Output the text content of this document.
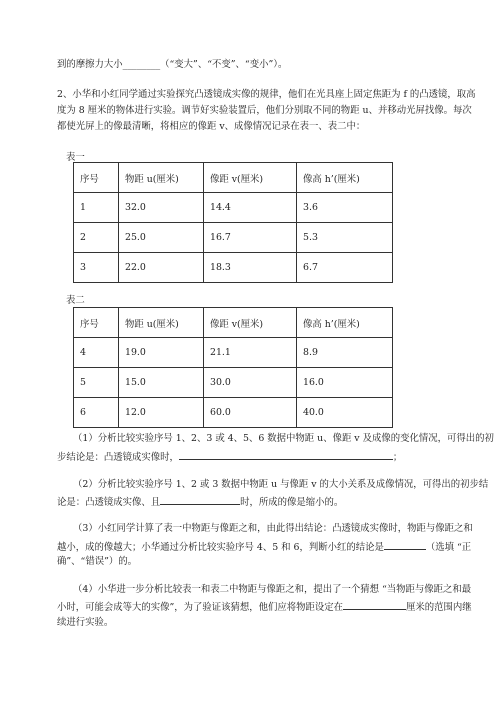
到的摩擦力大小________（“变大”、“不变”、“变小”）。
2、小华和小红同学通过实验探究凸透镜成实像的规律，他们在光具座上固定焦距为 f 的凸透镜，取高
度为 8 厘米的物体进行实验。调节好实验装置后，他们分别取不同的物距 u、并移动光屏找像。每次
都使光屏上的像最清晰，将相应的像距 v、成像情况记录在表一、表二中：
表一
序号	物距 u(厘米)	像距 v(厘米)	像高 h’(厘米)
1	32.0	14.4	3.6
2	25.0	16.7	5.3
3	22.0	18.3	6.7
表二
序号	物距 u(厘米)	像距 v(厘米)	像高 h’(厘米)
4	19.0	21.1	8.9
5	15.0	30.0	16.0
6	12.0	60.0	40.0
（1）分析比较实验序号 1、2、3 或 4、5、6 数据中物距 u、像距 v 及成像的变化情况，可得出的初
步结论是：凸透镜成实像时，	；
（2）分析比较实验序号 1、2 或 3 数据中物距 u 与像距 v 的大小关系及成像情况，可得出的初步结
论是：凸透镜成实像、且	时，所成的像是缩小的。
（3）小红同学计算了表一中物距与像距之和，由此得出结论：凸透镜成实像时，物距与像距之和
越小，成的像越大；小华通过分析比较实验序号 4、5 和 6，判断小红的结论是	（选填 “正
确”、“错误”）的。
（4）小华进一步分析比较表一和表二中物距与像距之和，提出了一个猜想 “当物距与像距之和最
小时，可能会成等大的实像”，为了验证该猜想，他们应将物距设定在	厘米的范围内继
续进行实验。
